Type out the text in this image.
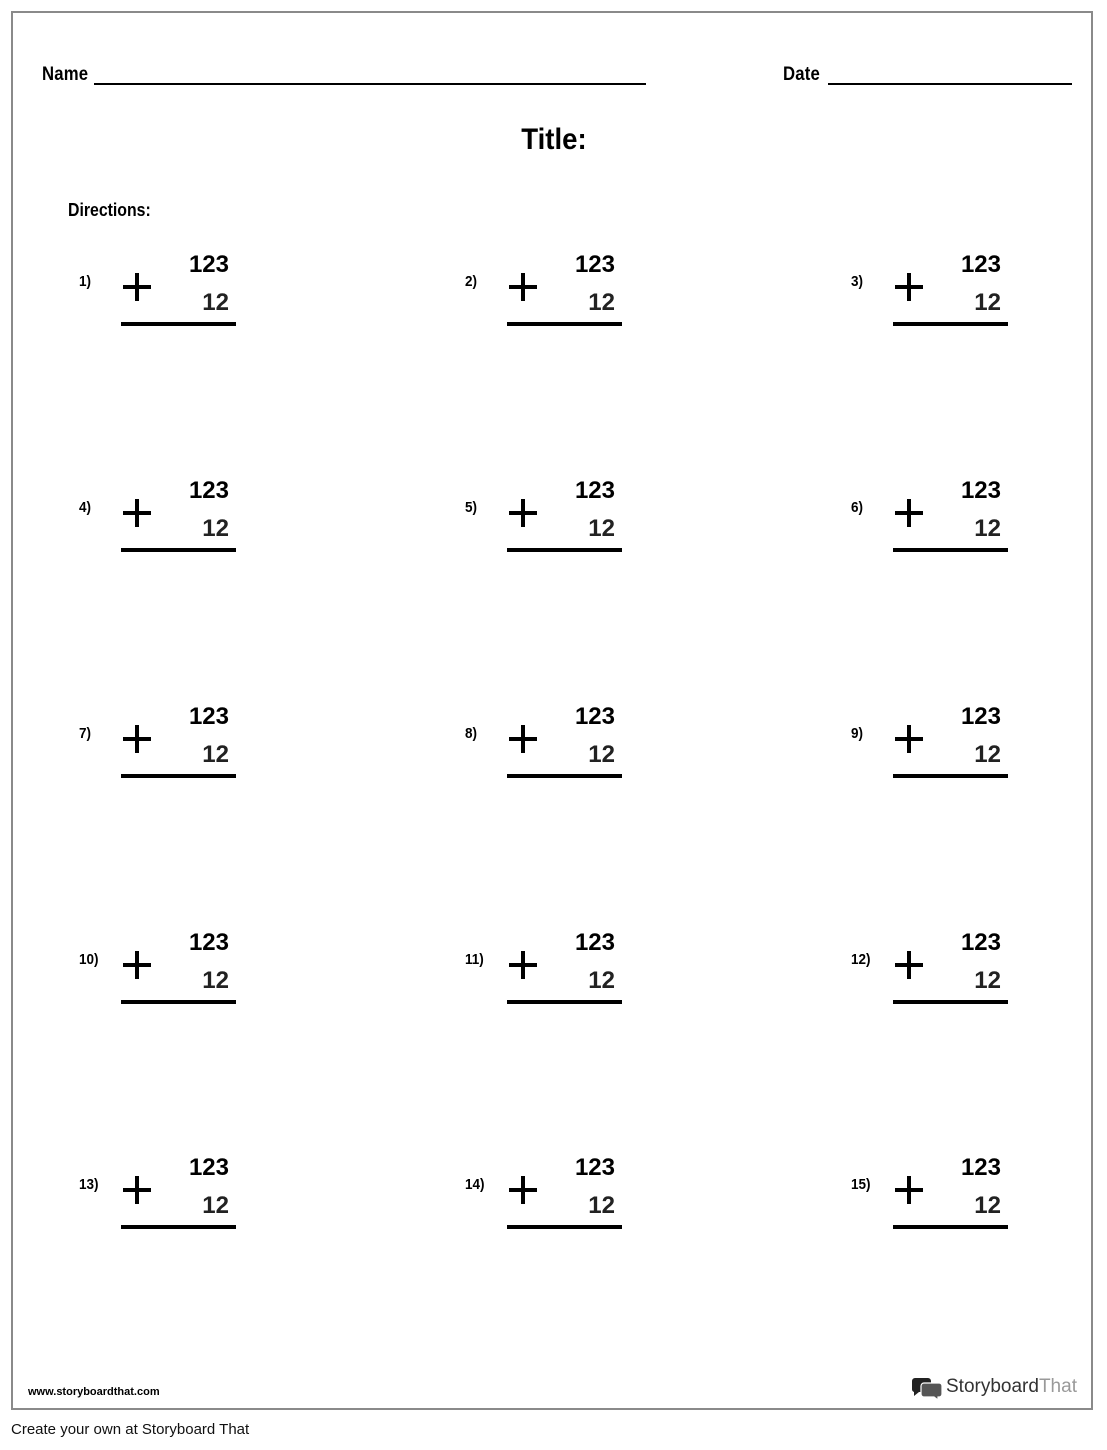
Name	Date
Title:
Directions:
1)
123
12
2)
123
12
3)
123
12
4)
123
12
5)
123
12
6)
123
12
7)
123
12
8)
123
12
9)
123
12
10)
123
12
11)
123
12
12)
123
12
13)
123
12
14)
123
12
15)
123
12
www.storyboardthat.com	StoryboardThat
Create your own at Storyboard That
